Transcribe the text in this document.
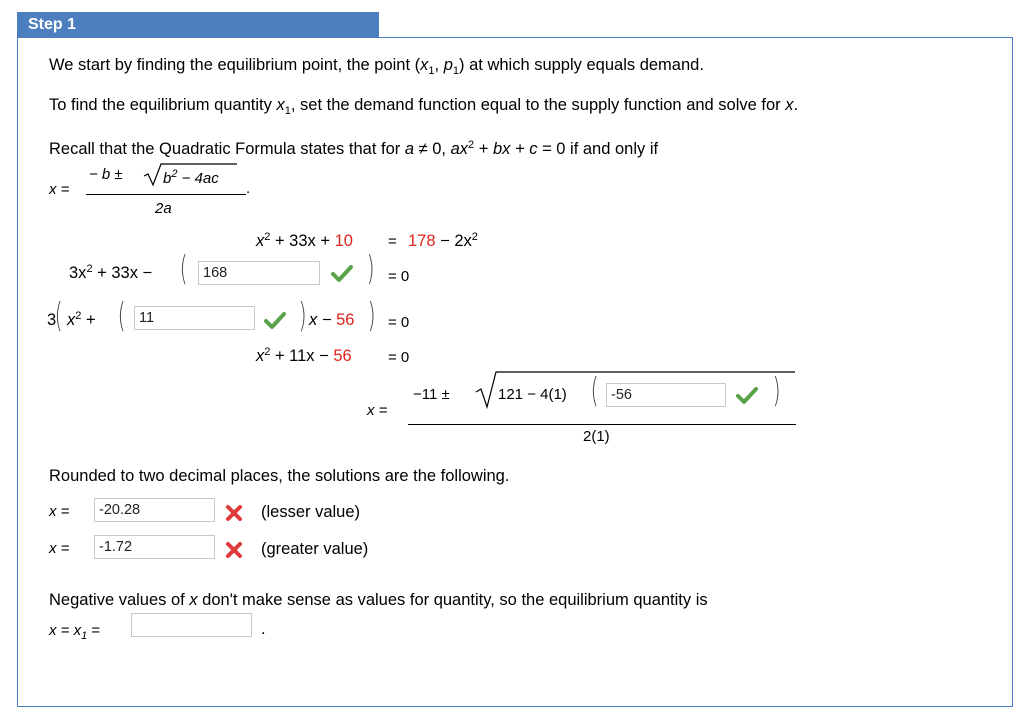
Step 1
We start by finding the equilibrium point, the point ($x_1$, $p_1$) at which supply equals demand.
To find the equilibrium quantity $x_1$, set the demand function equal to the supply function and solve for x.
Recall that the Quadratic Formula states that for a ≠ 0, $ax^2$ + bx + c = 0 if and only if
x =
− b ±	$b^2 - 4ac$
.
2a
$x^2 + 33x + 10 = 178 - 2x^2$
$3x^2 + 33x$ − (	168	) = 0
3
( $x^2$ + ( 11	) x − 56 ) = 0
$x^2 + 11x - 56 = 0$
−11 ±	121 − 4(1) ( -56	)
x =
2(1)
Rounded to two decimal places, the solutions are the following.
x =	-20.28	(lesser value)
x =	-1.72	(greater value)
Negative values of x don't make sense as values for quantity, so the equilibrium quantity is
$x = x_1$ =	.
